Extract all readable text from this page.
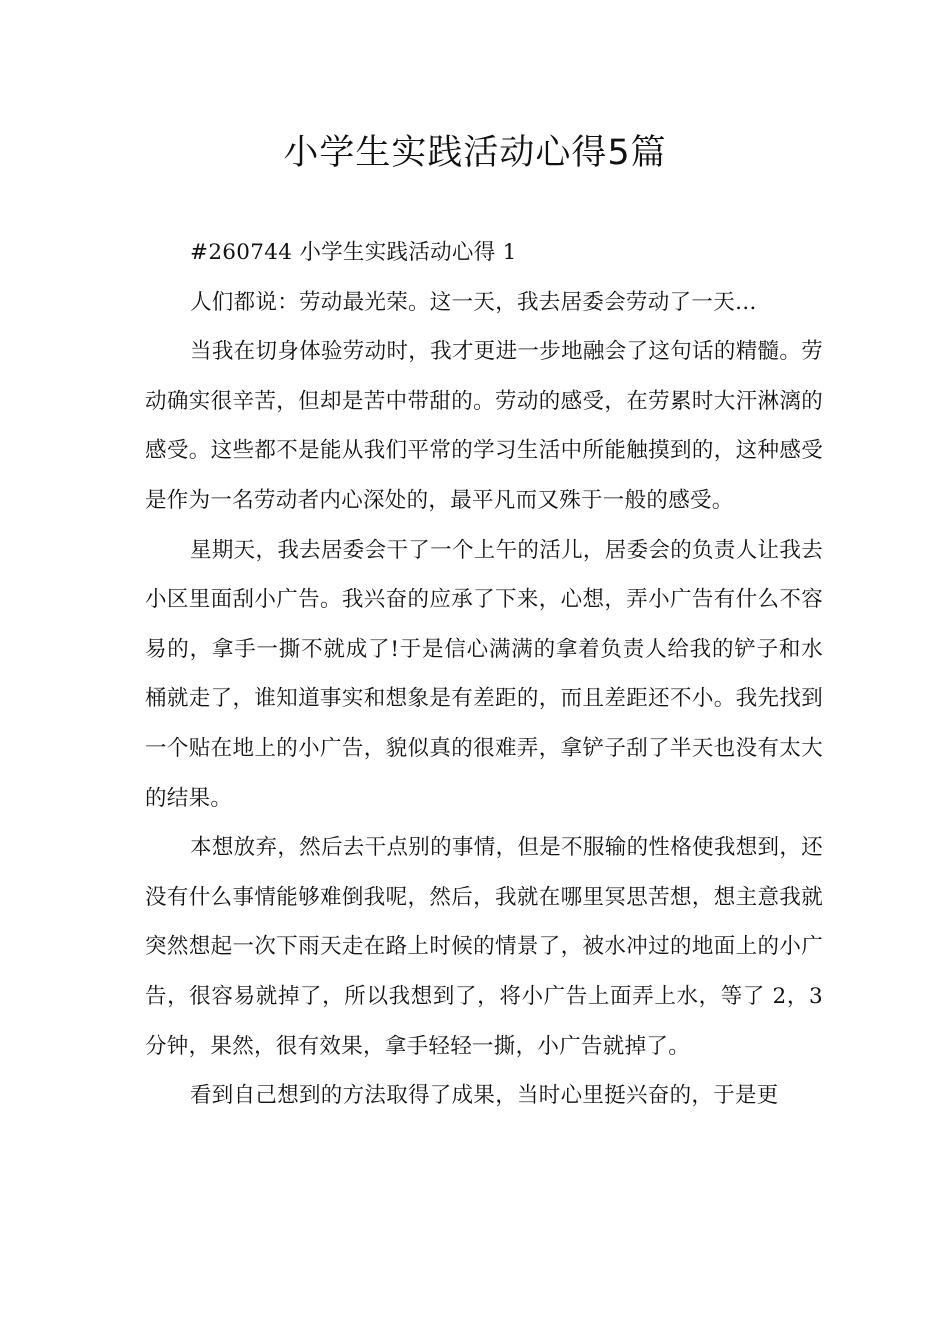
小学生实践活动心得5篇

#260744 小学生实践活动心得 1

人们都说：劳动最光荣。这一天，我去居委会劳动了一天…

当我在切身体验劳动时，我才更进一步地融会了这句话的精髓。劳动确实很辛苦，但却是苦中带甜的。劳动的感受，在劳累时大汗淋漓的感受。这些都不是能从我们平常的学习生活中所能触摸到的，这种感受是作为一名劳动者内心深处的，最平凡而又殊于一般的感受。

星期天，我去居委会干了一个上午的活儿，居委会的负责人让我去小区里面刮小广告。我兴奋的应承了下来，心想，弄小广告有什么不容易的，拿手一撕不就成了!于是信心满满的拿着负责人给我的铲子和水桶就走了，谁知道事实和想象是有差距的，而且差距还不小。我先找到一个贴在地上的小广告，貌似真的很难弄，拿铲子刮了半天也没有太大的结果。

本想放弃，然后去干点别的事情，但是不服输的性格使我想到，还没有什么事情能够难倒我呢，然后，我就在哪里冥思苦想，想主意我就突然想起一次下雨天走在路上时候的情景了，被水冲过的地面上的小广告，很容易就掉了，所以我想到了，将小广告上面弄上水，等了 2，3 分钟，果然，很有效果，拿手轻轻一撕，小广告就掉了。

看到自己想到的方法取得了成果，当时心里挺兴奋的，于是更
